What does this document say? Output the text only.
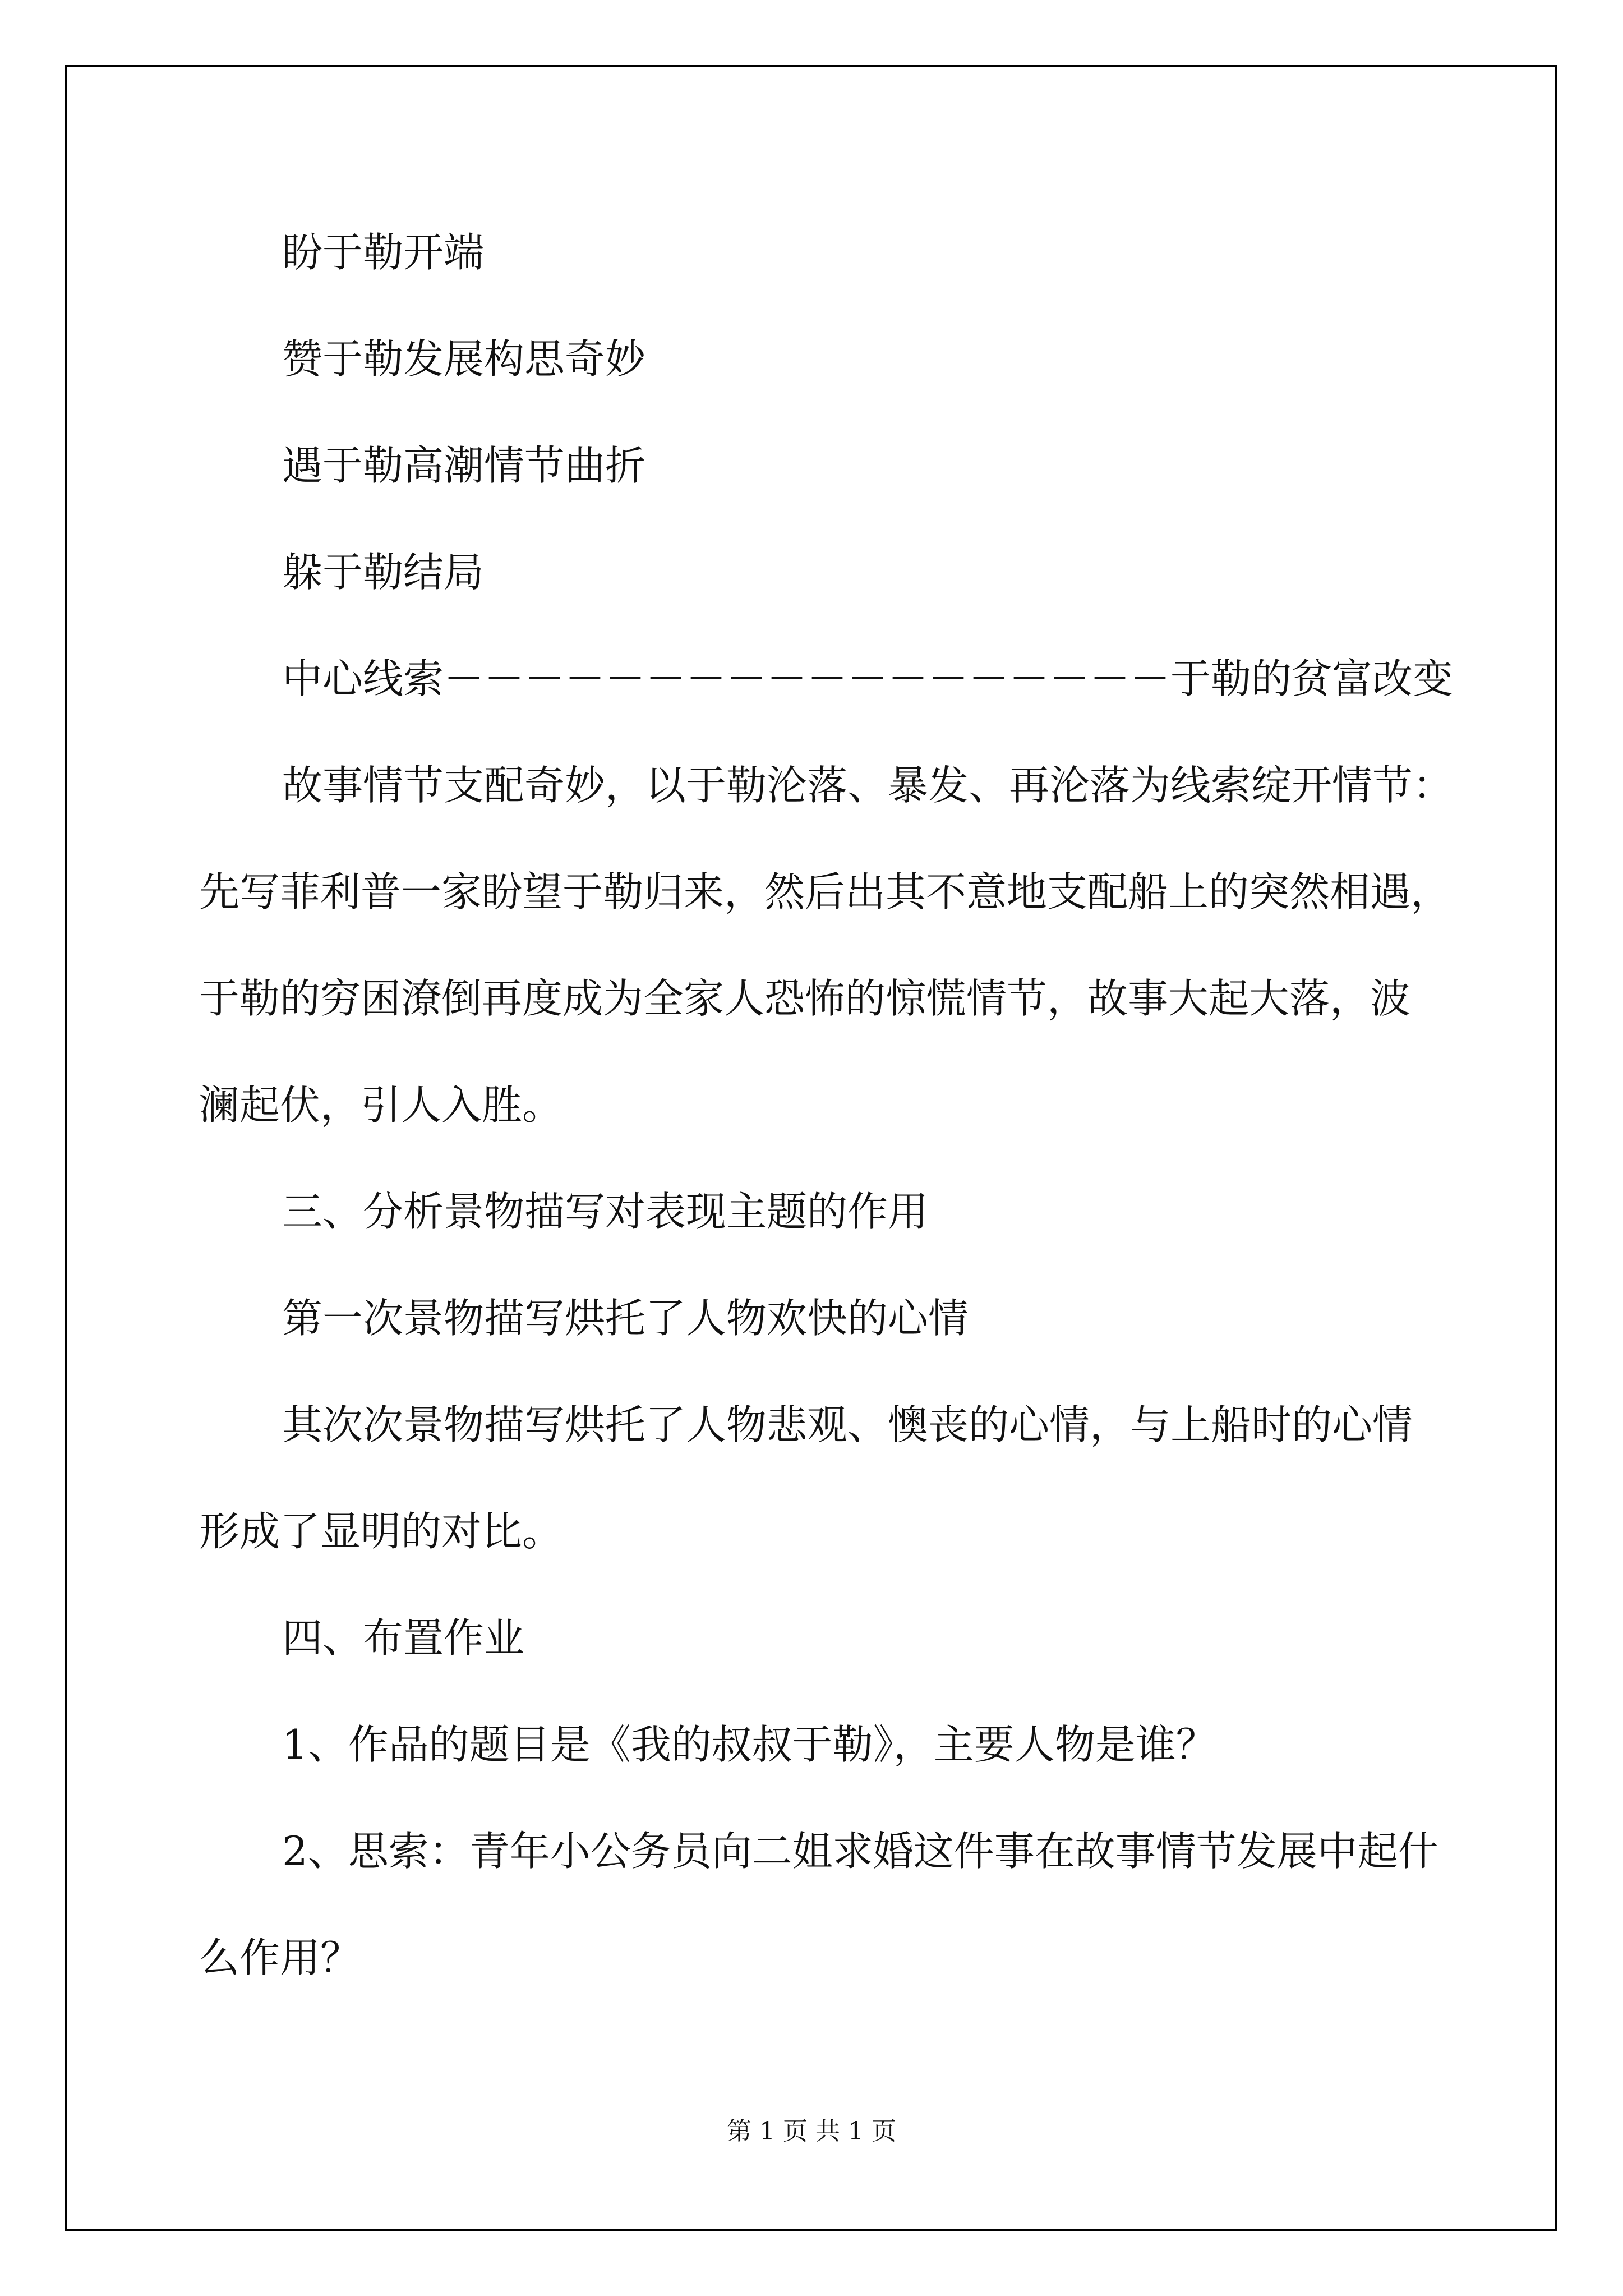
盼于勒开端
赞于勒发展构思奇妙
遇于勒高潮情节曲折
躲于勒结局
中心线索－－－－－－－－－－－－－－－－－－于勒的贫富改变
故事情节支配奇妙，以于勒沦落、暴发、再沦落为线索绽开情节：
先写菲利普一家盼望于勒归来，然后出其不意地支配船上的突然相遇，
于勒的穷困潦倒再度成为全家人恐怖的惊慌情节，故事大起大落，波
澜起伏，引人入胜。
三、分析景物描写对表现主题的作用
第一次景物描写烘托了人物欢快的心情
其次次景物描写烘托了人物悲观、懊丧的心情，与上船时的心情
形成了显明的对比。
四、布置作业
1、作品的题目是《我的叔叔于勒》，主要人物是谁？
2、思索：青年小公务员向二姐求婚这件事在故事情节发展中起什
么作用？
第 1 页 共 1 页
